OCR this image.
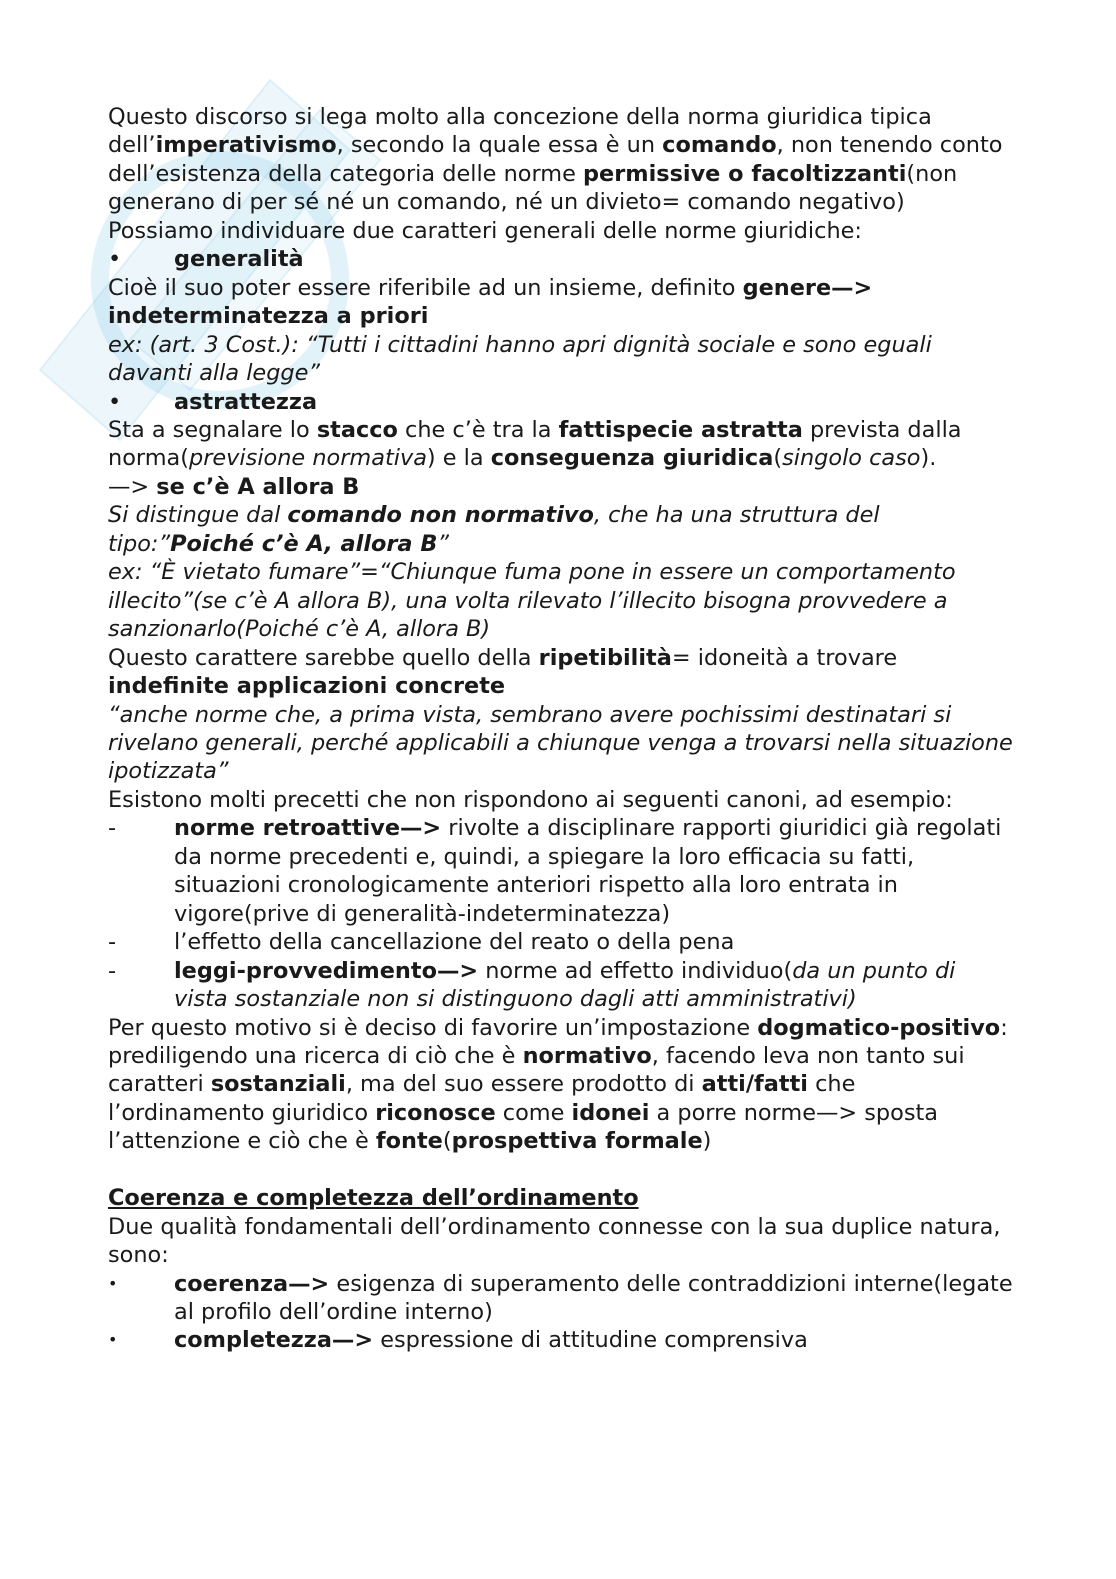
Questo discorso si lega molto alla concezione della norma giuridica tipica dell’imperativismo, secondo la quale essa è un comando, non tenendo conto dell’esistenza della categoria delle norme permissive o facoltizzanti(non generano di per sé né un comando, né un divieto= comando negativo)

Possiamo individuare due caratteri generali delle norme giuridiche:

•	generalità

Cioè il suo poter essere riferibile ad un insieme, definito genere—> indeterminatezza a priori

ex: (art. 3 Cost.): “Tutti i cittadini hanno apri dignità sociale e sono eguali davanti alla legge”

•	astrattezza

Sta a segnalare lo stacco che c’è tra la fattispecie astratta prevista dalla norma(previsione normativa) e la conseguenza giuridica(singolo caso).

—> se c’è A allora B

Si distingue dal comando non normativo, che ha una struttura del tipo:”Poiché c’è A, allora B”

ex: “È vietato fumare”=“Chiunque fuma pone in essere un comportamento illecito”(se c’è A allora B), una volta rilevato l’illecito bisogna provvedere a sanzionarlo(Poiché c’è A, allora B)

Questo carattere sarebbe quello della ripetibilità= idoneità a trovare indefinite applicazioni concrete

“anche norme che, a prima vista, sembrano avere pochissimi destinatari si rivelano generali, perché applicabili a chiunque venga a trovarsi nella situazione ipotizzata”

Esistono molti precetti che non rispondono ai seguenti canoni, ad esempio:

-	norme retroattive—> rivolte a disciplinare rapporti giuridici già regolati da norme precedenti e, quindi, a spiegare la loro efficacia su fatti, situazioni cronologicamente anteriori rispetto alla loro entrata in vigore(prive di generalità-indeterminatezza)
-	l’effetto della cancellazione del reato o della pena
-	leggi-provvedimento—> norme ad effetto individuo(da un punto di vista sostanziale non si distinguono dagli atti amministrativi)

Per questo motivo si è deciso di favorire un’impostazione dogmatico-positivo:

prediligendo una ricerca di ciò che è normativo, facendo leva non tanto sui caratteri sostanziali, ma del suo essere prodotto di atti/fatti che l’ordinamento giuridico riconosce come idonei a porre norme—> sposta l’attenzione e ciò che è fonte(prospettiva formale)

Coerenza e completezza dell’ordinamento

Due qualità fondamentali dell’ordinamento connesse con la sua duplice natura, sono:

•	coerenza—> esigenza di superamento delle contraddizioni interne(legate al profilo dell’ordine interno)
•	completezza—> espressione di attitudine comprensiva
